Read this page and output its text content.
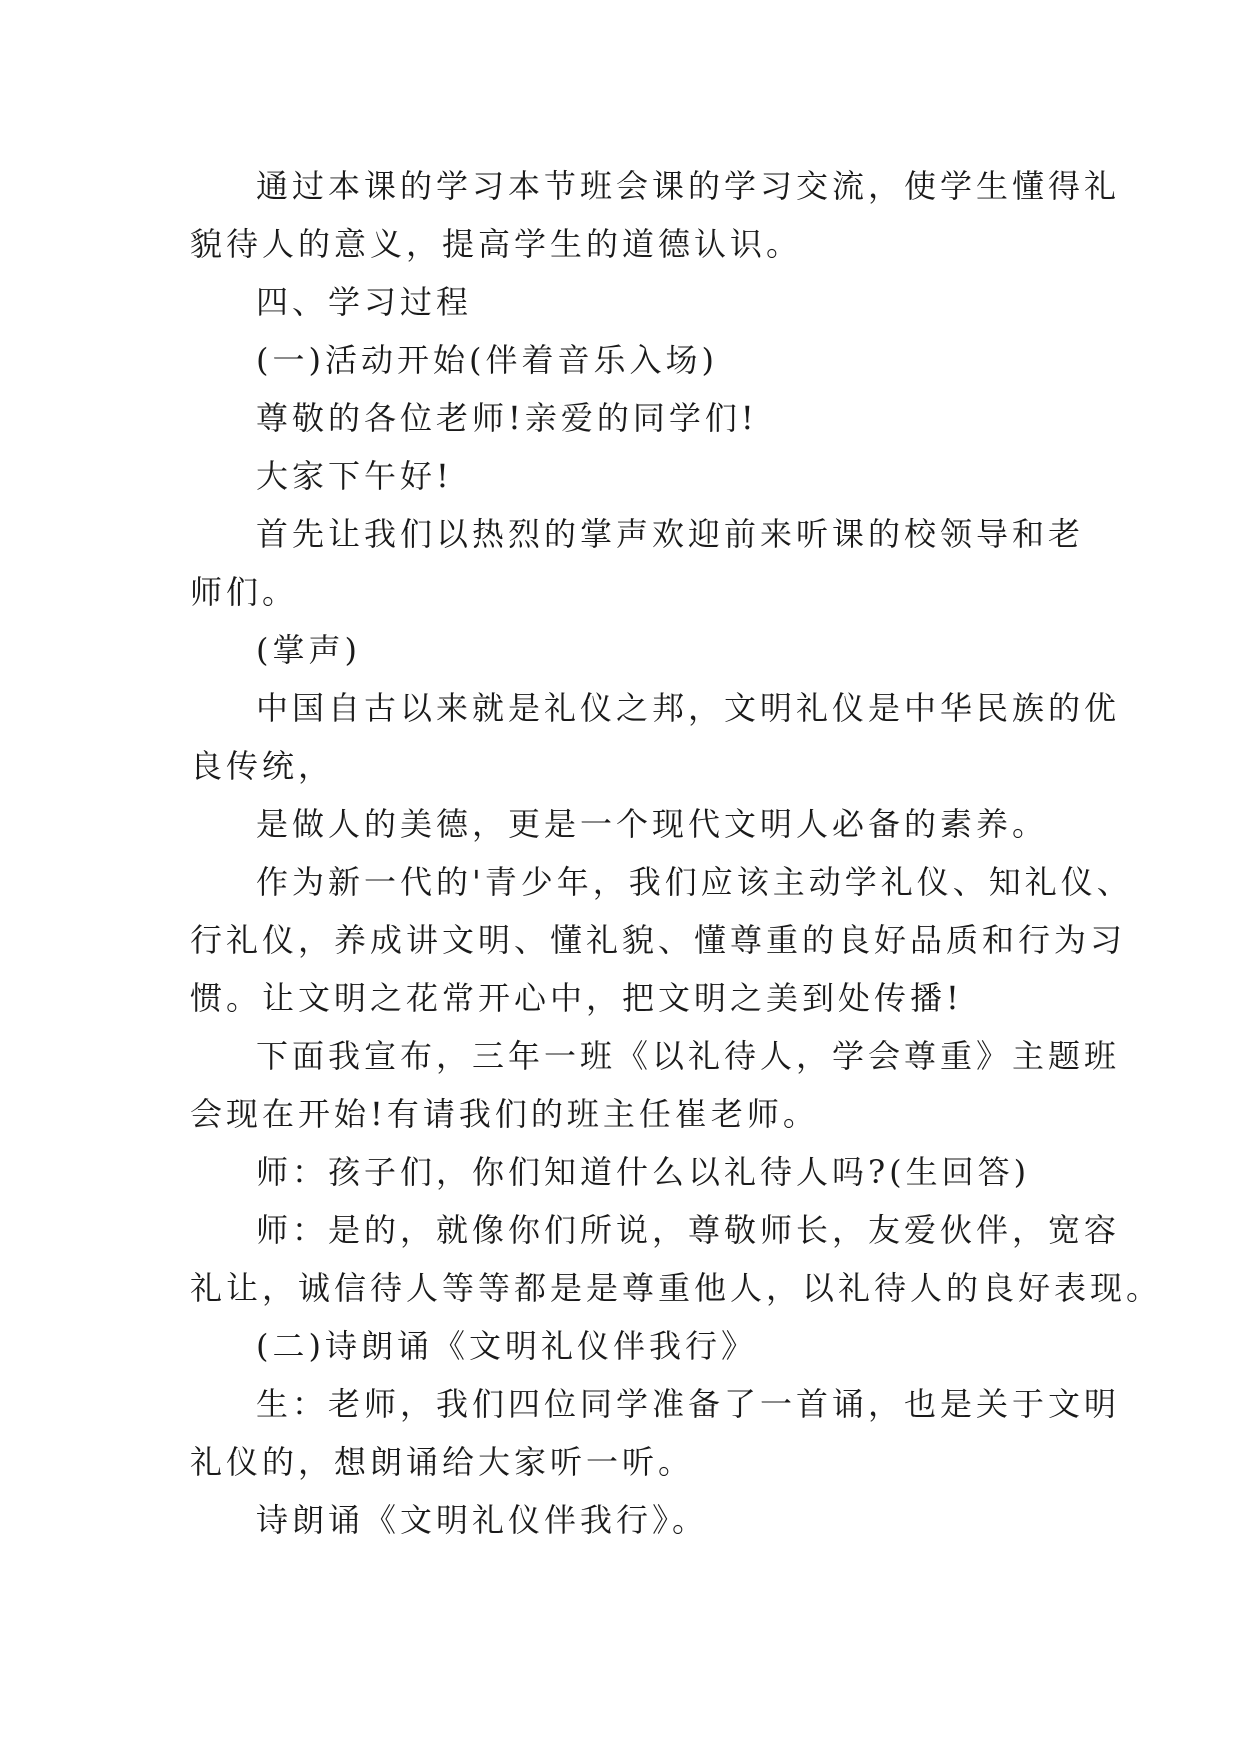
通过本课的学习本节班会课的学习交流，使学生懂得礼

貌待人的意义，提高学生的道德认识。

四、学习过程

(一)活动开始(伴着音乐入场)

尊敬的各位老师!亲爱的同学们!

大家下午好!

首先让我们以热烈的掌声欢迎前来听课的校领导和老

师们。

(掌声)

中国自古以来就是礼仪之邦，文明礼仪是中华民族的优

良传统，

是做人的美德，更是一个现代文明人必备的素养。

作为新一代的'青少年，我们应该主动学礼仪、知礼仪、

行礼仪，养成讲文明、懂礼貌、懂尊重的良好品质和行为习

惯。让文明之花常开心中，把文明之美到处传播!

下面我宣布，三年一班《以礼待人，学会尊重》主题班

会现在开始!有请我们的班主任崔老师。

师：孩子们，你们知道什么以礼待人吗?(生回答)

师：是的，就像你们所说，尊敬师长，友爱伙伴，宽容

礼让，诚信待人等等都是是尊重他人，以礼待人的良好表现。

(二)诗朗诵《文明礼仪伴我行》

生：老师，我们四位同学准备了一首诵，也是关于文明

礼仪的，想朗诵给大家听一听。

诗朗诵《文明礼仪伴我行》。
